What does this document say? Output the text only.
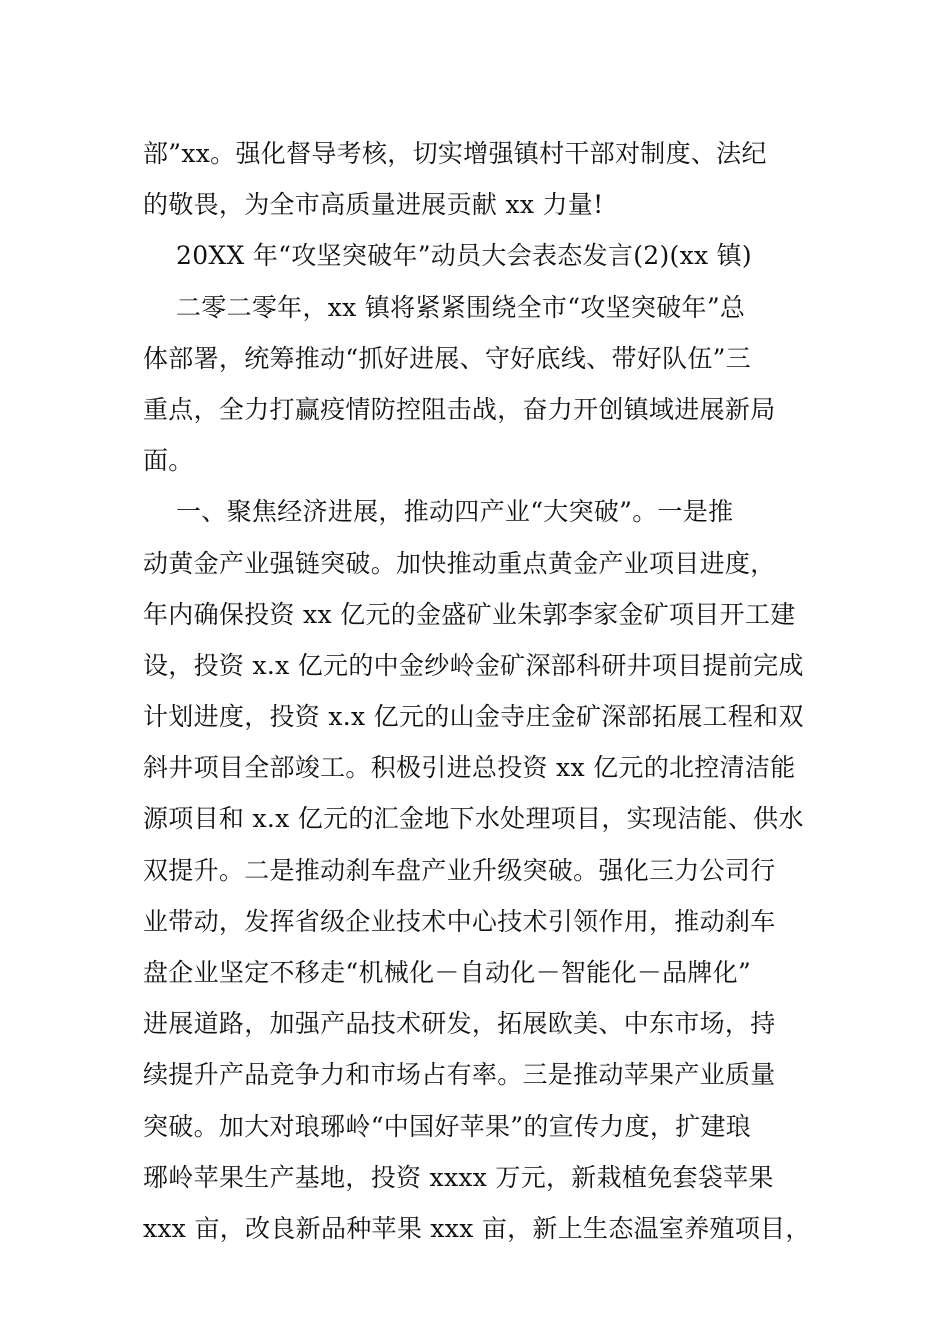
部”xx。强化督导考核，切实增强镇村干部对制度、法纪
的敬畏，为全市高质量进展贡献 xx 力量!
20XX 年“攻坚突破年”动员大会表态发言(2)(xx 镇)
二零二零年，xx 镇将紧紧围绕全市“攻坚突破年”总
体部署，统筹推动“抓好进展、守好底线、带好队伍”三
重点，全力打赢疫情防控阻击战，奋力开创镇域进展新局
面。
一、聚焦经济进展，推动四产业“大突破”。一是推
动黄金产业强链突破。加快推动重点黄金产业项目进度，
年内确保投资 xx 亿元的金盛矿业朱郭李家金矿项目开工建
设，投资 x.x 亿元的中金纱岭金矿深部科研井项目提前完成
计划进度，投资 x.x 亿元的山金寺庄金矿深部拓展工程和双
斜井项目全部竣工。积极引进总投资 xx 亿元的北控清洁能
源项目和 x.x 亿元的汇金地下水处理项目，实现洁能、供水
双提升。二是推动刹车盘产业升级突破。强化三力公司行
业带动，发挥省级企业技术中心技术引领作用，推动刹车
盘企业坚定不移走“机械化－自动化－智能化－品牌化”
进展道路，加强产品技术研发，拓展欧美、中东市场，持
续提升产品竞争力和市场占有率。三是推动苹果产业质量
突破。加大对琅琊岭“中国好苹果”的宣传力度，扩建琅
琊岭苹果生产基地，投资 xxxx 万元，新栽植免套袋苹果
xxx 亩，改良新品种苹果 xxx 亩，新上生态温室养殖项目，
